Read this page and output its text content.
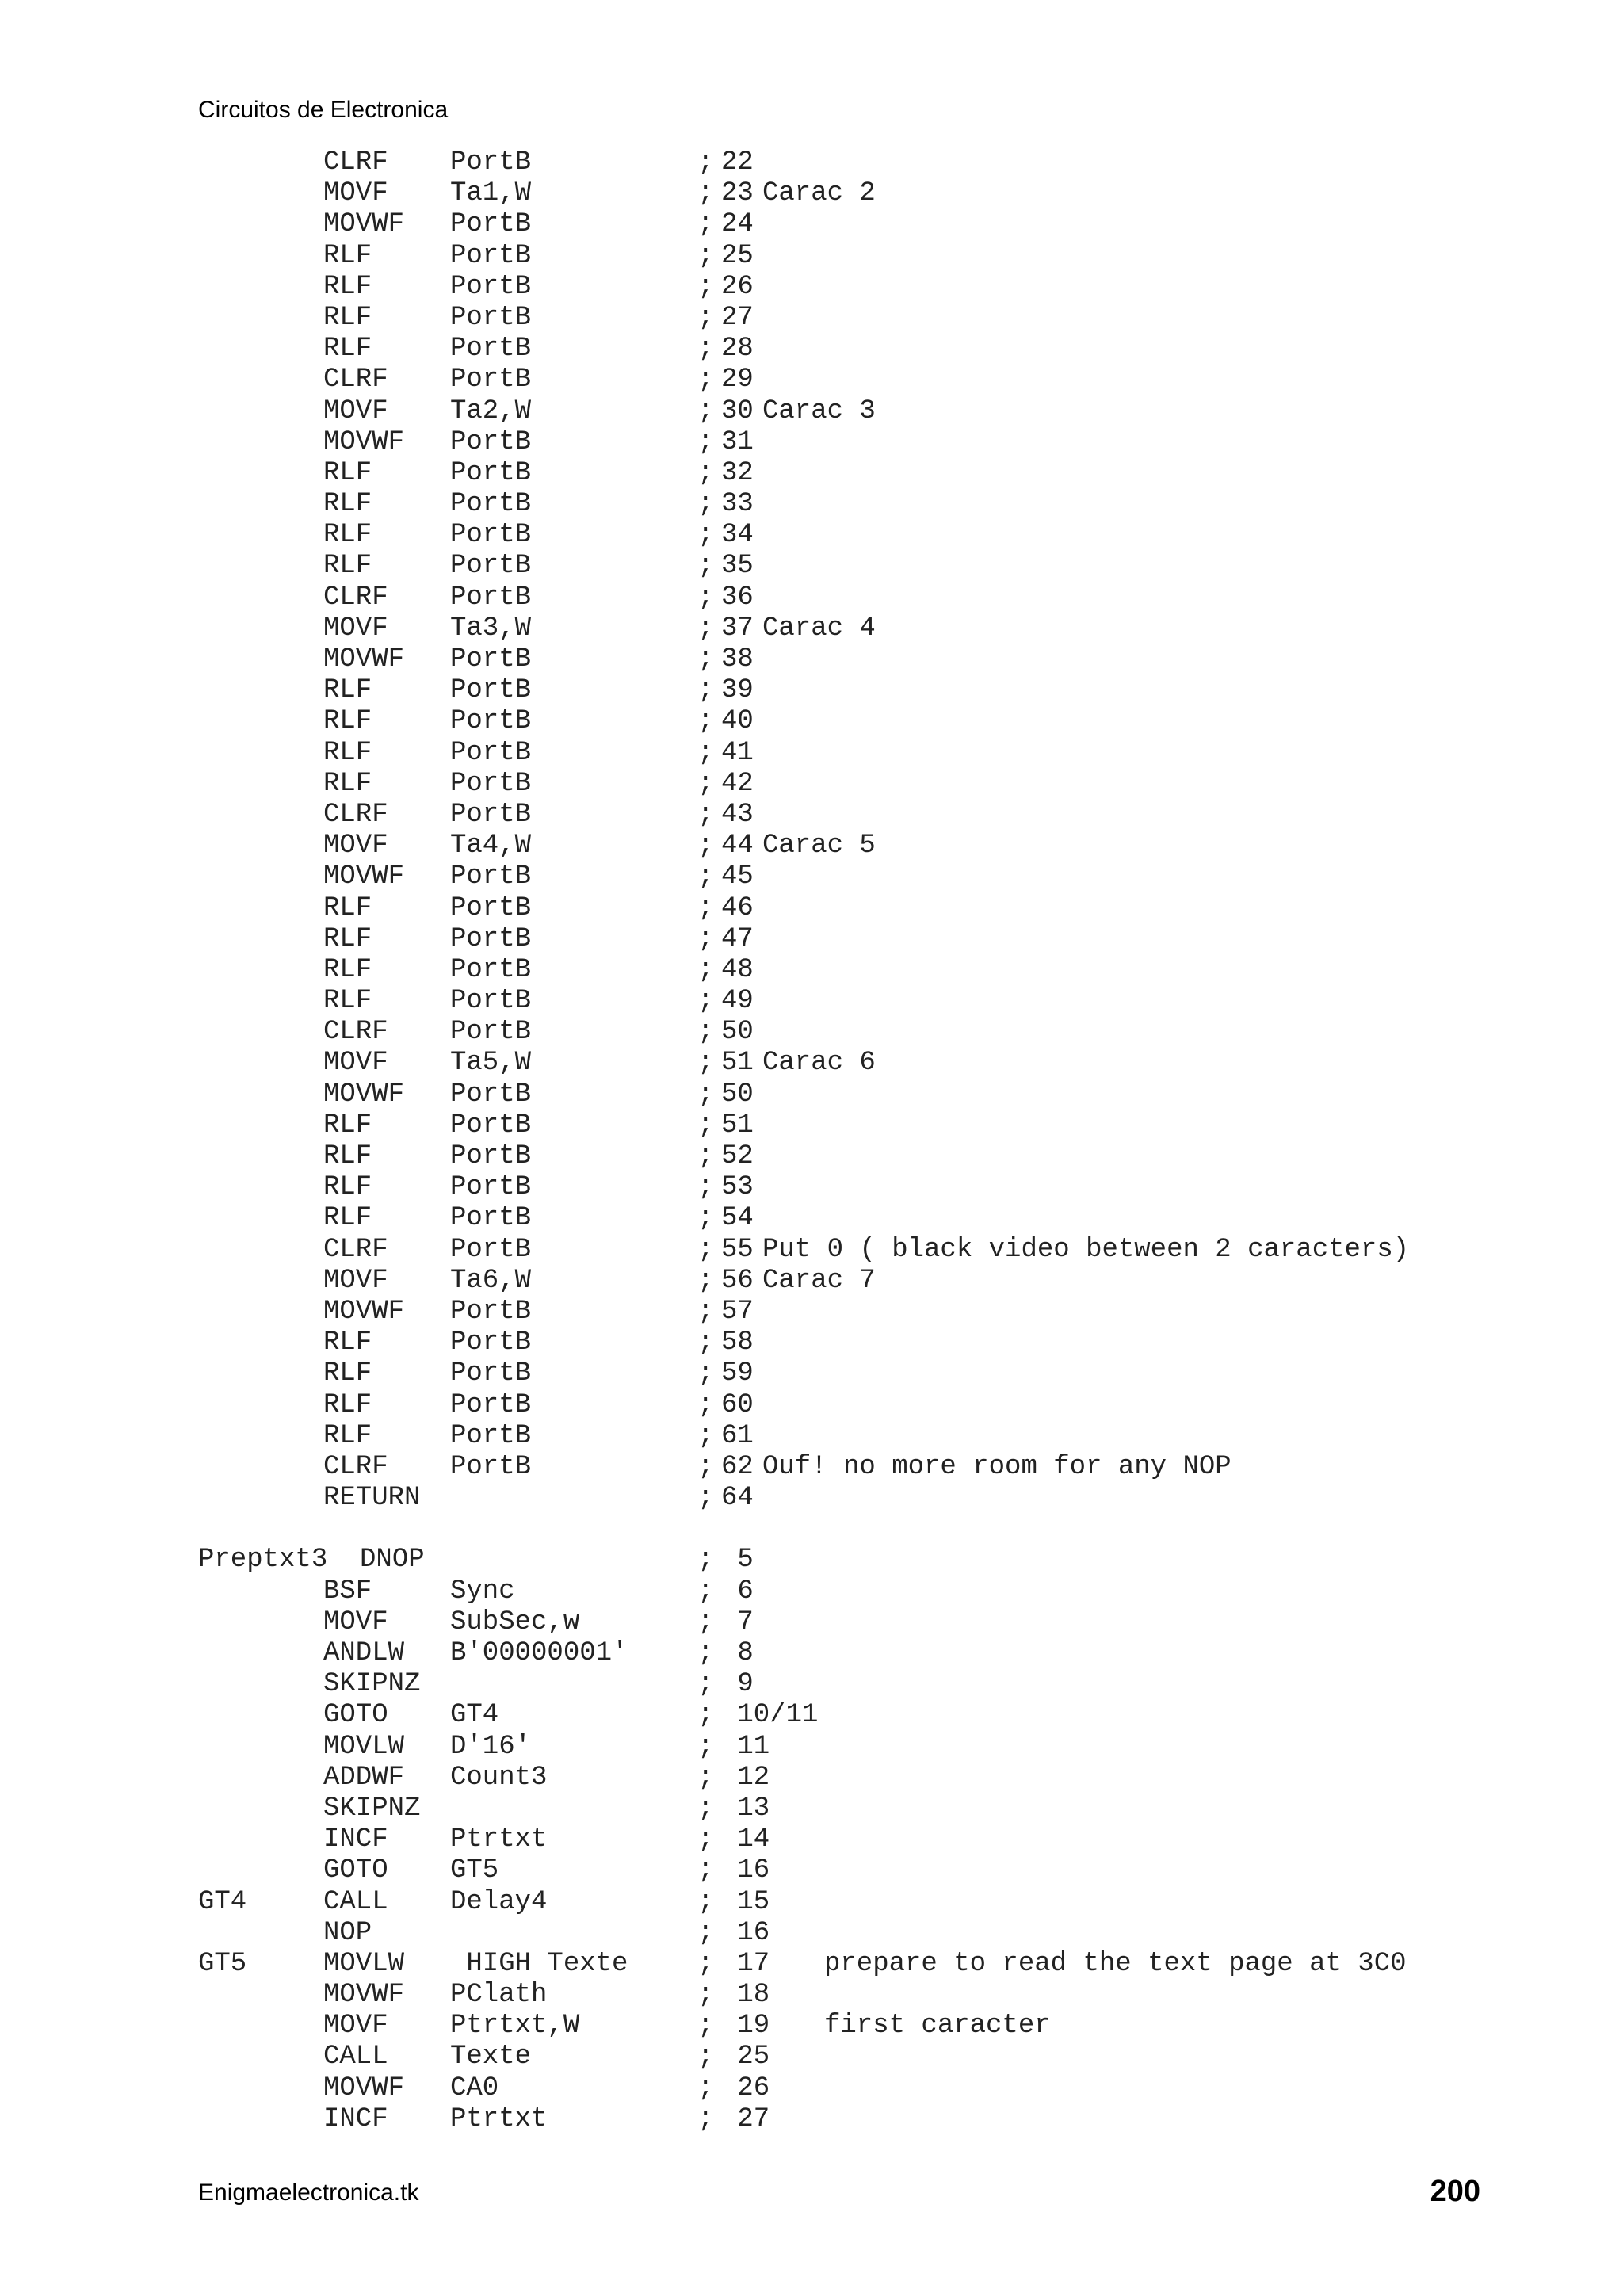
Circuitos de Electronica
CLRF PortB	; 22
MOVF Ta1,W	; 23 Carac 2
MOVWF PortB	; 24
RLF	PortB	; 25
RLF	PortB	; 26
RLF	PortB	; 27
RLF	PortB	; 28
CLRF PortB	; 29
MOVF Ta2,W	; 30 Carac 3
MOVWF PortB	; 31
RLF	PortB	; 32
RLF	PortB	; 33
RLF	PortB	; 34
RLF	PortB	; 35
CLRF PortB	; 36
MOVF Ta3,W	; 37 Carac 4
MOVWF PortB	; 38
RLF	PortB	; 39
RLF	PortB	; 40
RLF	PortB	; 41
RLF	PortB	; 42
CLRF PortB	; 43
MOVF Ta4,W	; 44 Carac 5
MOVWF PortB	; 45
RLF	PortB	; 46
RLF	PortB	; 47
RLF	PortB	; 48
RLF	PortB	; 49
CLRF PortB	; 50
MOVF Ta5,W	; 51 Carac 6
MOVWF PortB	; 50
RLF	PortB	; 51
RLF	PortB	; 52
RLF	PortB	; 53
RLF	PortB	; 54
CLRF PortB	; 55 Put 0 ( black video between 2 caracters)
MOVF Ta6,W	; 56 Carac 7
MOVWF PortB	; 57
RLF	PortB	; 58
RLF	PortB	; 59
RLF	PortB	; 60
RLF	PortB	; 61
CLRF PortB	; 62 Ouf! no more room for any NOP
RETURN	; 64
Preptxt3  DNOP	; 5
BSF	Sync	; 6
MOVF SubSec,w	; 7
ANDLW B'00000001'	; 8
SKIPNZ	; 9
GOTO GT4	; 10/11
MOVLW D'16'	; 11
ADDWF Count3	; 12
SKIPNZ	; 13
INCF Ptrtxt	; 14
GOTO GT5	; 16
GT4	CALL Delay4	; 15
NOP	; 16
GT5	MOVLW HIGH Texte	; 17 prepare to read the text page at 3C0
MOVWF PClath	; 18
MOVF Ptrtxt,W	; 19 first caracter
CALL Texte	; 25
MOVWF CA0	; 26
INCF Ptrtxt	; 27
Enigmaelectronica.tk	200
